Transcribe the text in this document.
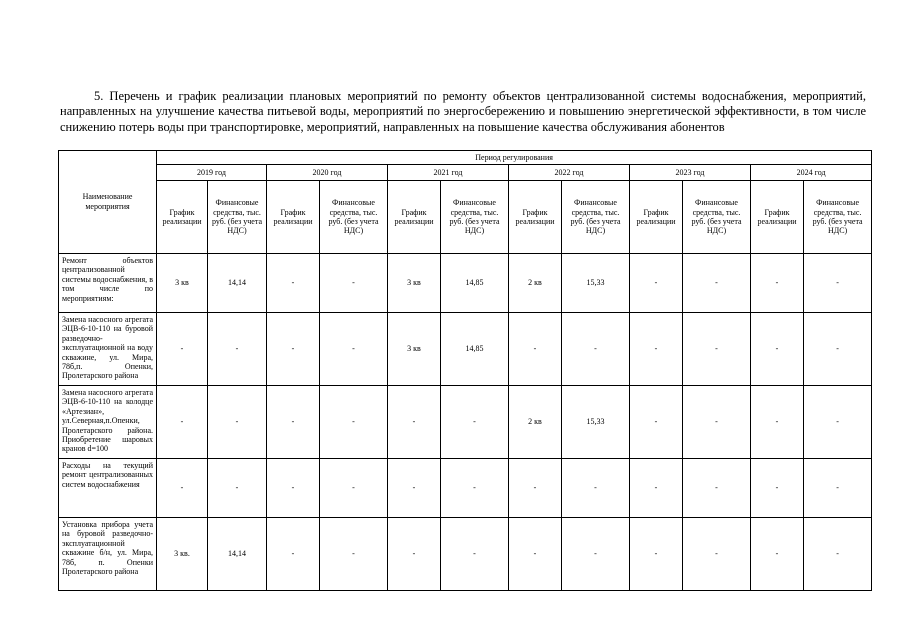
5. Перечень и график реализации плановых мероприятий по ремонту объектов централизованной системы водоснабжения, мероприятий, направленных на улучшение качества питьевой воды, мероприятий по энергосбережению и повышению энергетической эффективности, в том числе снижению потерь воды при транспортировке, мероприятий, направленных на повышение качества обслуживания абонентов

Наименование мероприятия	Период регулирования											
	2019 год		2020 год		2021 год		2022 год		2023 год		2024 год	
	График реализации	Финансовые средства, тыс. руб. (без учета НДС)	График реализации	Финансовые средства, тыс. руб. (без учета НДС)	График реализации	Финансовые средства, тыс. руб. (без учета НДС)	График реализации	Финансовые средства, тыс. руб. (без учета НДС)	График реализации	Финансовые средства, тыс. руб. (без учета НДС)	График реализации	Финансовые средства, тыс. руб. (без учета НДС)
Ремонт объектов централизованной системы водоснабжения, в том числе по мероприятиям:	3 кв	14,14	-	-	3 кв	14,85	2 кв	15,33	-	-	-	-
Замена насосного агрегата ЭЦВ-6-10-110 на буровой разведочно-эксплуатационной на воду скважине, ул. Мира, 78б,п. Опенки, Пролетарского района	-	-	-	-	3 кв	14,85	-	-	-	-	-	-
Замена насосного агрегата ЭЦВ-6-10-110 на колодце «Артезиан», ул.Северная,п.Опенки, Пролетарского района. Приобретение шаровых кранов d=100	-	-	-	-	-	-	2 кв	15,33	-	-	-	-
Расходы на текущий ремонт централизованных систем водоснабжения	-	-	-	-	-	-	-	-	-	-	-	-
Установка прибора учета на буровой разведочно-эксплуатационной скважине б/н, ул. Мира, 78б, п. Опенки Пролетарского района	3 кв.	14,14	-	-	-	-	-	-	-	-	-	-
